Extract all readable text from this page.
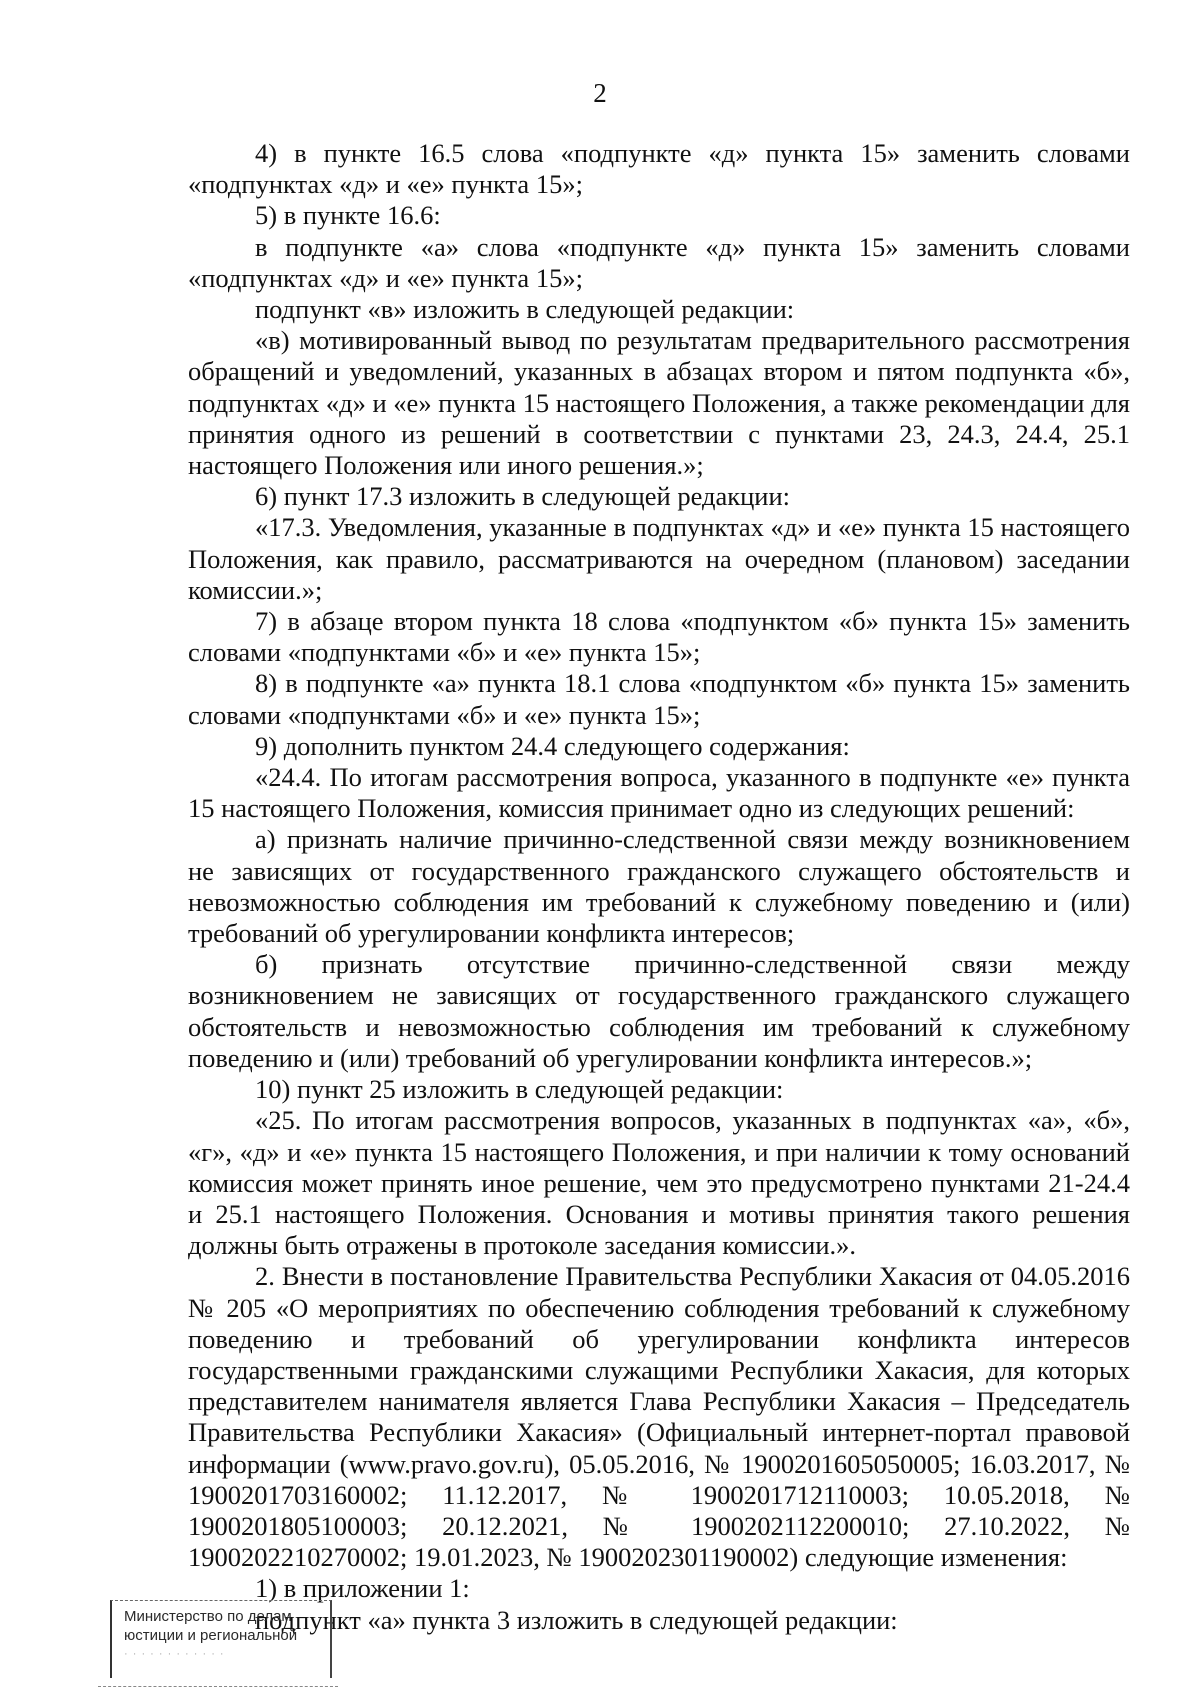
2

4) в пункте 16.5 слова «подпункте «д» пункта 15» заменить словами «подпунктах «д» и «е» пункта 15»;

5) в пункте 16.6:

в подпункте «а» слова «подпункте «д» пункта 15» заменить словами «подпунктах «д» и «е» пункта 15»;

подпункт «в» изложить в следующей редакции:

«в) мотивированный вывод по результатам предварительного рассмотрения обращений и уведомлений, указанных в абзацах втором и пятом подпункта «б», подпунктах «д» и «е» пункта 15 настоящего Положения, а также рекомендации для принятия одного из решений в соответствии с пунктами 23, 24.3, 24.4, 25.1 настоящего Положения или иного решения.»;

6) пункт 17.3 изложить в следующей редакции:

«17.3. Уведомления, указанные в подпунктах «д» и «е» пункта 15 настоящего Положения, как правило, рассматриваются на очередном (плановом) заседании комиссии.»;

7) в абзаце втором пункта 18 слова «подпунктом «б» пункта 15» заменить словами «подпунктами «б» и «е» пункта 15»;

8) в подпункте «а» пункта 18.1 слова «подпунктом «б» пункта 15» заменить словами «подпунктами «б» и «е» пункта 15»;

9) дополнить пунктом 24.4 следующего содержания:

«24.4. По итогам рассмотрения вопроса, указанного в подпункте «е» пункта 15 настоящего Положения, комиссия принимает одно из следующих решений:

а) признать наличие причинно-следственной связи между возникновением не зависящих от государственного гражданского служащего обстоятельств и невозможностью соблюдения им требований к служебному поведению и (или) требований об урегулировании конфликта интересов;

б) признать отсутствие причинно-следственной связи между возникновением не зависящих от государственного гражданского служащего обстоятельств и невозможностью соблюдения им требований к служебному поведению и (или) требований об урегулировании конфликта интересов.»;

10) пункт 25 изложить в следующей редакции:

«25. По итогам рассмотрения вопросов, указанных в подпунктах «а», «б», «г», «д» и «е» пункта 15 настоящего Положения, и при наличии к тому оснований комиссия может принять иное решение, чем это предусмотрено пунктами 21-24.4 и 25.1 настоящего Положения. Основания и мотивы принятия такого решения должны быть отражены в протоколе заседания комиссии.».

2. Внести в постановление Правительства Республики Хакасия от 04.05.2016 № 205 «О мероприятиях по обеспечению соблюдения требований к служебному поведению и требований об урегулировании конфликта интересов государственными гражданскими служащими Республики Хакасия, для которых представителем нанимателя является Глава Республики Хакасия – Председатель Правительства Республики Хакасия» (Официальный интернет-портал правовой информации (www.pravo.gov.ru), 05.05.2016, № 1900201605050005; 16.03.2017, № 1900201703160002; 11.12.2017, № 1900201712110003; 10.05.2018, № 1900201805100003; 20.12.2021, № 1900202112200010; 27.10.2022, № 1900202210270002; 19.01.2023, № 1900202301190002) следующие изменения:

1) в приложении 1:

подпункт «а» пункта 3 изложить в следующей редакции:

Министерство по делам
юстиции и региональной
· · · · · · · · · · · ·
